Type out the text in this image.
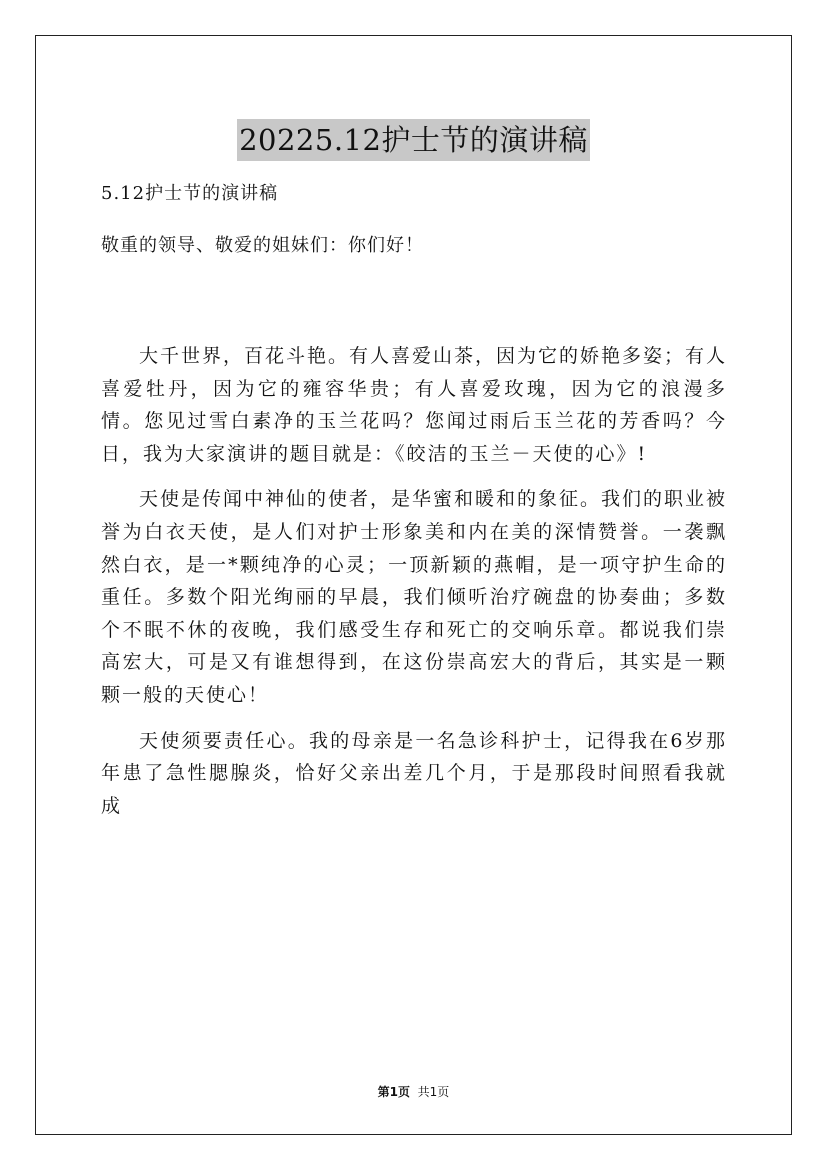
20225.12护士节的演讲稿
5.12护士节的演讲稿
敬重的领导、敬爱的姐妹们：你们好！

大千世界，百花斗艳。有人喜爱山茶，因为它的娇艳多姿；有人喜爱牡丹，因为它的雍容华贵；有人喜爱玫瑰，因为它的浪漫多情。您见过雪白素净的玉兰花吗？您闻过雨后玉兰花的芳香吗？今日，我为大家演讲的题目就是：《皎洁的玉兰－天使的心》!

天使是传闻中神仙的使者，是华蜜和暖和的象征。我们的职业被誉为白衣天使，是人们对护士形象美和内在美的深情赞誉。一袭飘然白衣，是一*颗纯净的心灵；一顶新颖的燕帽，是一项守护生命的重任。多数个阳光绚丽的早晨，我们倾听治疗碗盘的协奏曲；多数个不眠不休的夜晚，我们感受生存和死亡的交响乐章。都说我们崇高宏大，可是又有谁想得到，在这份崇高宏大的背后，其实是一颗颗一般的天使心！

天使须要责任心。我的母亲是一名急诊科护士，记得我在6岁那年患了急性腮腺炎，恰好父亲出差几个月，于是那段时间照看我就成

第1页 共1页
